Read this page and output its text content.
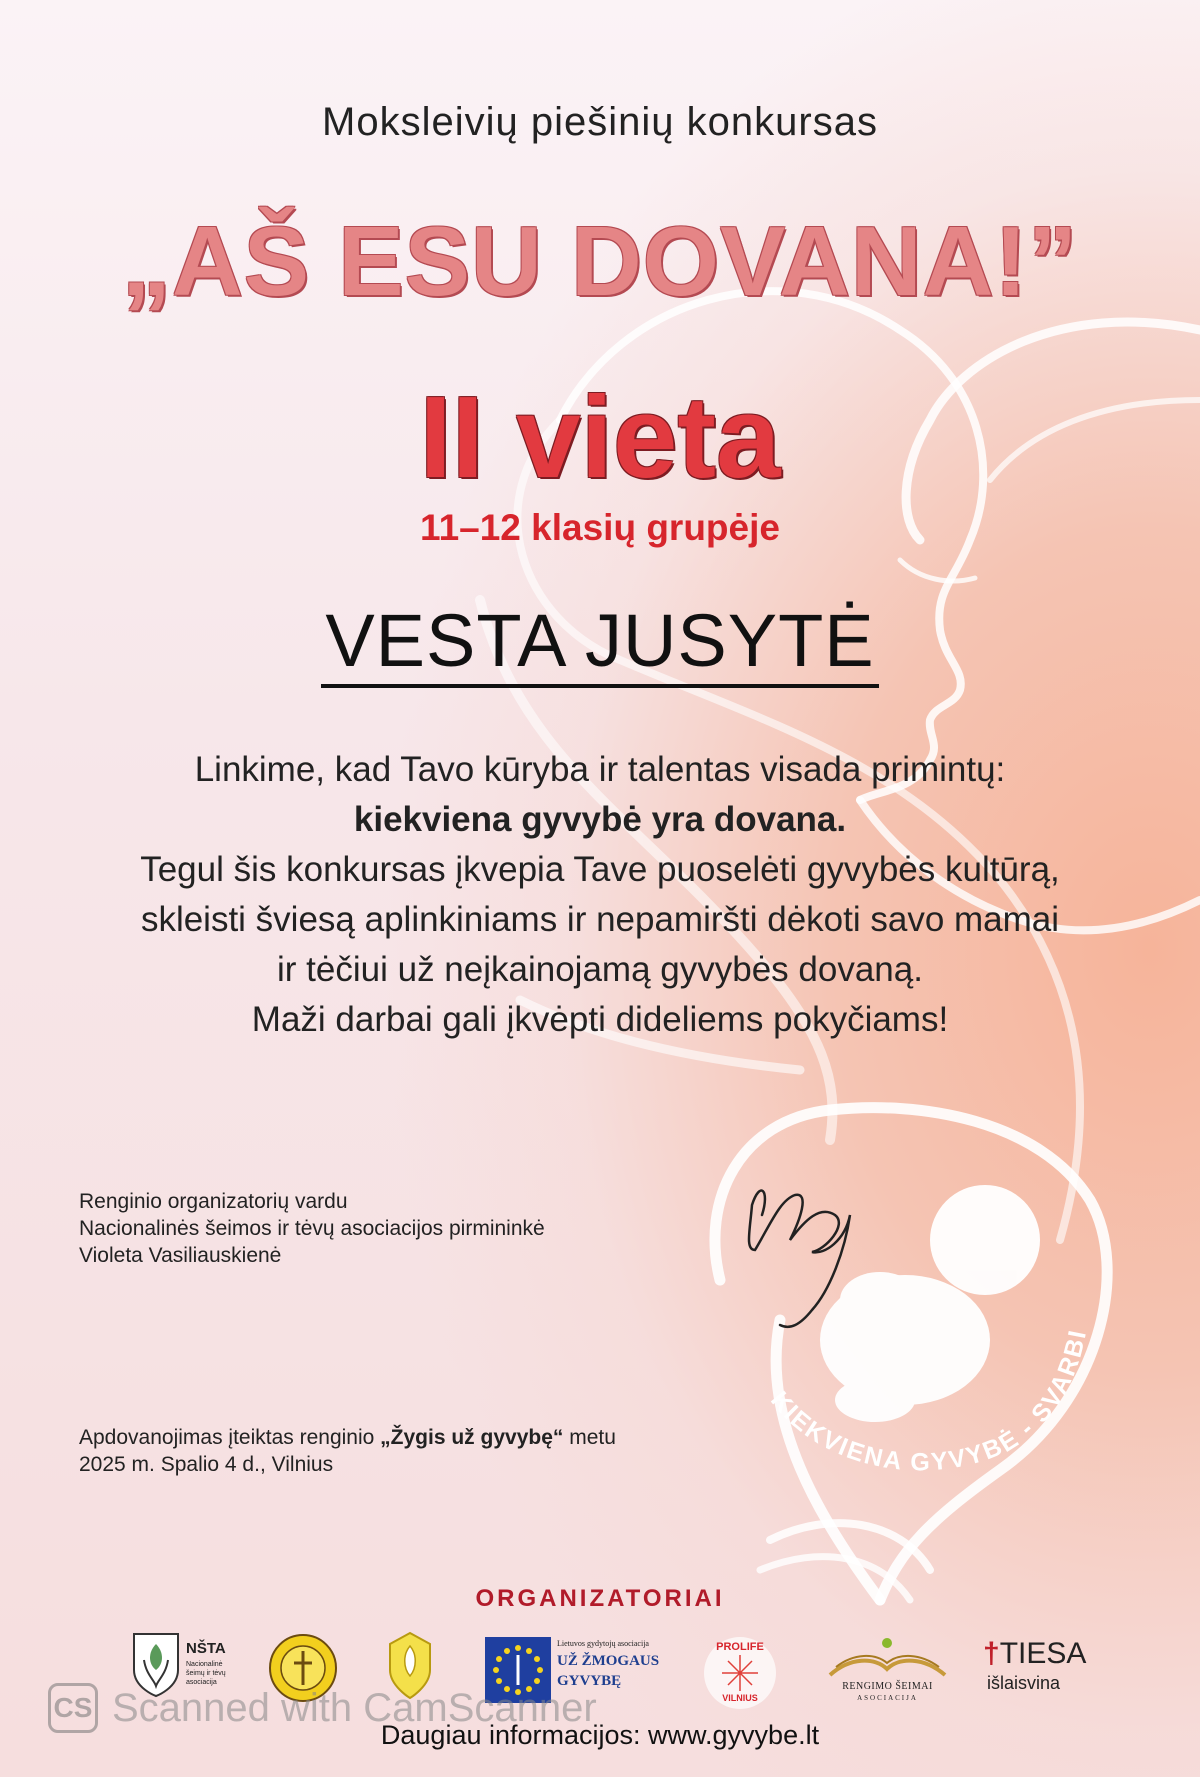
Moksleivių piešinių konkursas
„AŠ ESU DOVANA!”
II vieta
11–12 klasių grupėje
VESTA JUSYTĖ
Linkime, kad Tavo kūryba ir talentas visada primintų:
kiekviena gyvybė yra dovana.
Tegul šis konkursas įkvepia Tave puoselėti gyvybės kultūrą,
skleisti šviesą aplinkiniams ir nepamiršti dėkoti savo mamai
ir tėčiui už neįkainojamą gyvybės dovaną.
Maži darbai gali įkvėpti dideliems pokyčiams!
Renginio organizatorių vardu
Nacionalinės šeimos ir tėvų asociacijos pirmininkė
Violeta Vasiliauskienė
KIEKVIENA GYVYBĖ - SVARBI
Apdovanojimas įteiktas renginio „Žygis už gyvybę“ metu
2025 m. Spalio 4 d., Vilnius
ORGANIZATORIAI
NŠTA
Nacionalinė
šeimų ir tėvų
asociacija
Lietuvos gydytojų asociacija
UŽ ŽMOGAUS
GYVYBĘ
PROLIFE
VILNIUS
RENGIMO ŠEIMAI
ASOCIACIJA
†TIESA
išlaisvina
CS Scanned with CamScanner
Daugiau informacijos: www.gyvybe.lt
